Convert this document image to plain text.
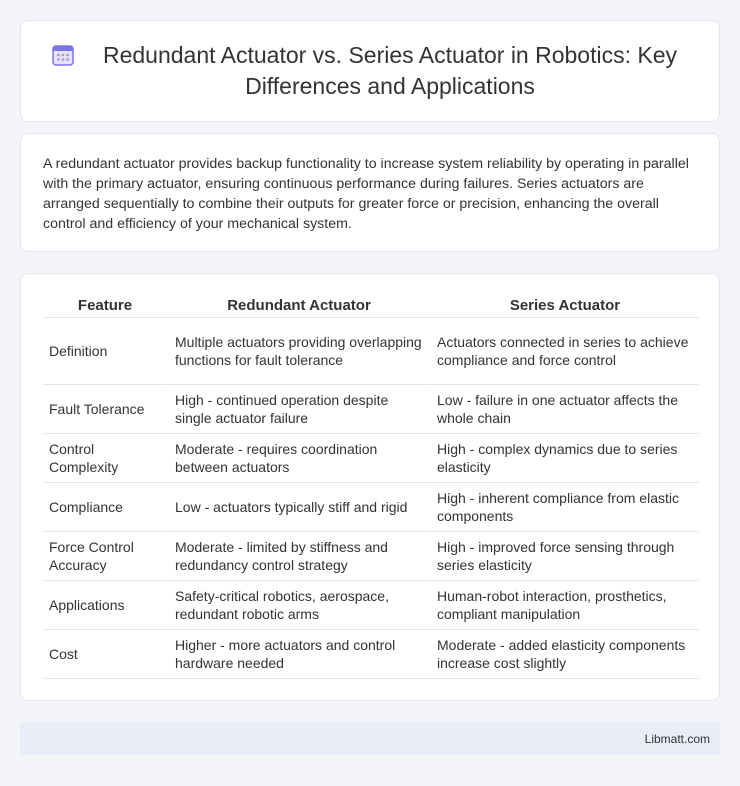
Redundant Actuator vs. Series Actuator in Robotics: Key Differences and Applications

A redundant actuator provides backup functionality to increase system reliability by operating in parallel with the primary actuator, ensuring continuous performance during failures. Series actuators are arranged sequentially to combine their outputs for greater force or precision, enhancing the overall control and efficiency of your mechanical system.

Feature	Redundant Actuator	Series Actuator
Definition	Multiple actuators providing overlapping functions for fault tolerance	Actuators connected in series to achieve compliance and force control
Fault Tolerance	High - continued operation despite single actuator failure	Low - failure in one actuator affects the whole chain
Control Complexity	Moderate - requires coordination between actuators	High - complex dynamics due to series elasticity
Compliance	Low - actuators typically stiff and rigid	High - inherent compliance from elastic components
Force Control Accuracy	Moderate - limited by stiffness and redundancy control strategy	High - improved force sensing through series elasticity
Applications	Safety-critical robotics, aerospace, redundant robotic arms	Human-robot interaction, prosthetics, compliant manipulation
Cost	Higher - more actuators and control hardware needed	Moderate - added elasticity components increase cost slightly
Libmatt.com
